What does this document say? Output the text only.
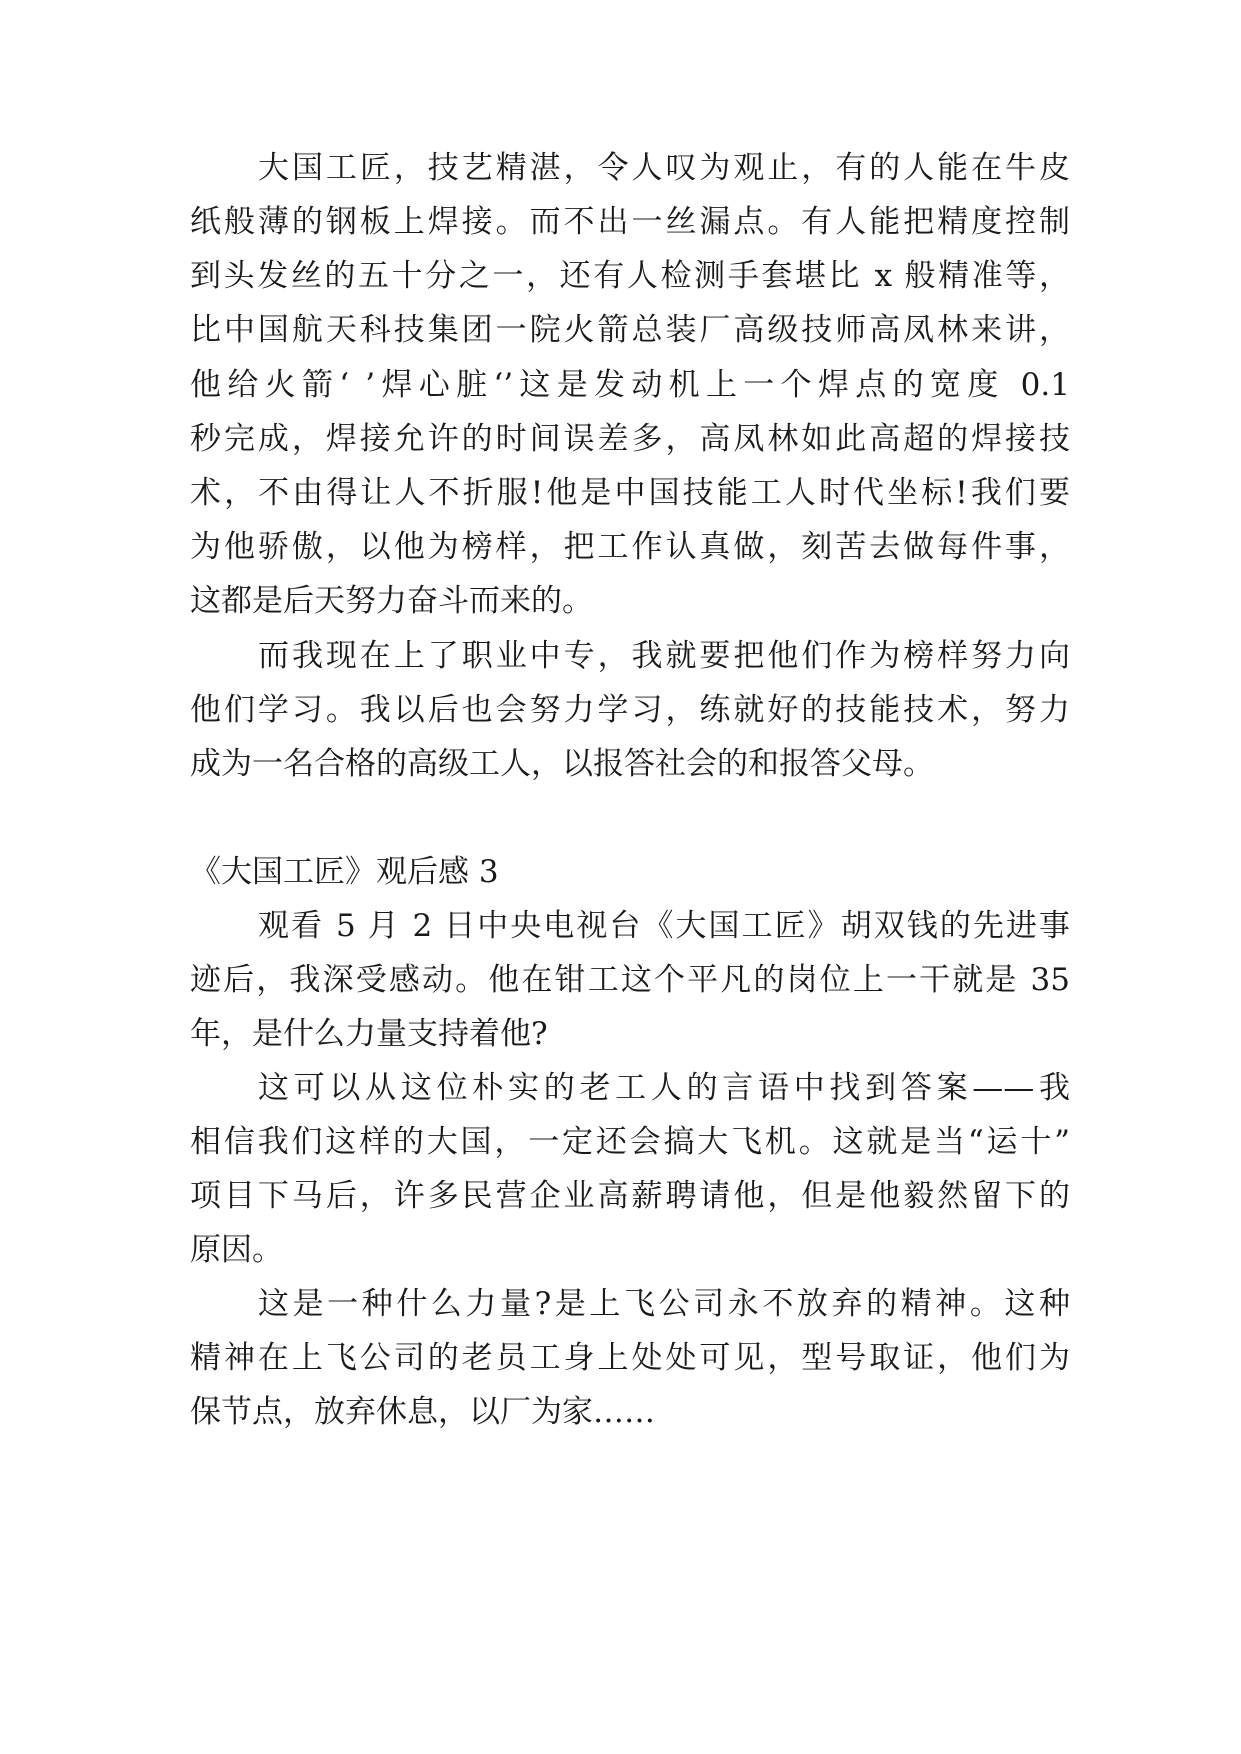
大国工匠，技艺精湛，令人叹为观止，有的人能在牛皮
纸般薄的钢板上焊接。而不出一丝漏点。有人能把精度控制
到头发丝的五十分之一，还有人检测手套堪比 x 般精准等，
比中国航天科技集团一院火箭总装厂高级技师高凤林来讲，
他给火箭‘ ’焊心脏‘’这是发动机上一个焊点的宽度 0.1
秒完成，焊接允许的时间误差多，高凤林如此高超的焊接技
术，不由得让人不折服!他是中国技能工人时代坐标!我们要
为他骄傲，以他为榜样，把工作认真做，刻苦去做每件事，
这都是后天努力奋斗而来的。
而我现在上了职业中专，我就要把他们作为榜样努力向
他们学习。我以后也会努力学习，练就好的技能技术，努力
成为一名合格的高级工人，以报答社会的和报答父母。
《大国工匠》观后感 3
观看 5 月 2 日中央电视台《大国工匠》胡双钱的先进事
迹后，我深受感动。他在钳工这个平凡的岗位上一干就是 35
年，是什么力量支持着他?
这可以从这位朴实的老工人的言语中找到答案——我
相信我们这样的大国，一定还会搞大飞机。这就是当“运十”
项目下马后，许多民营企业高薪聘请他，但是他毅然留下的
原因。
这是一种什么力量?是上飞公司永不放弃的精神。这种
精神在上飞公司的老员工身上处处可见，型号取证，他们为
保节点，放弃休息，以厂为家……
